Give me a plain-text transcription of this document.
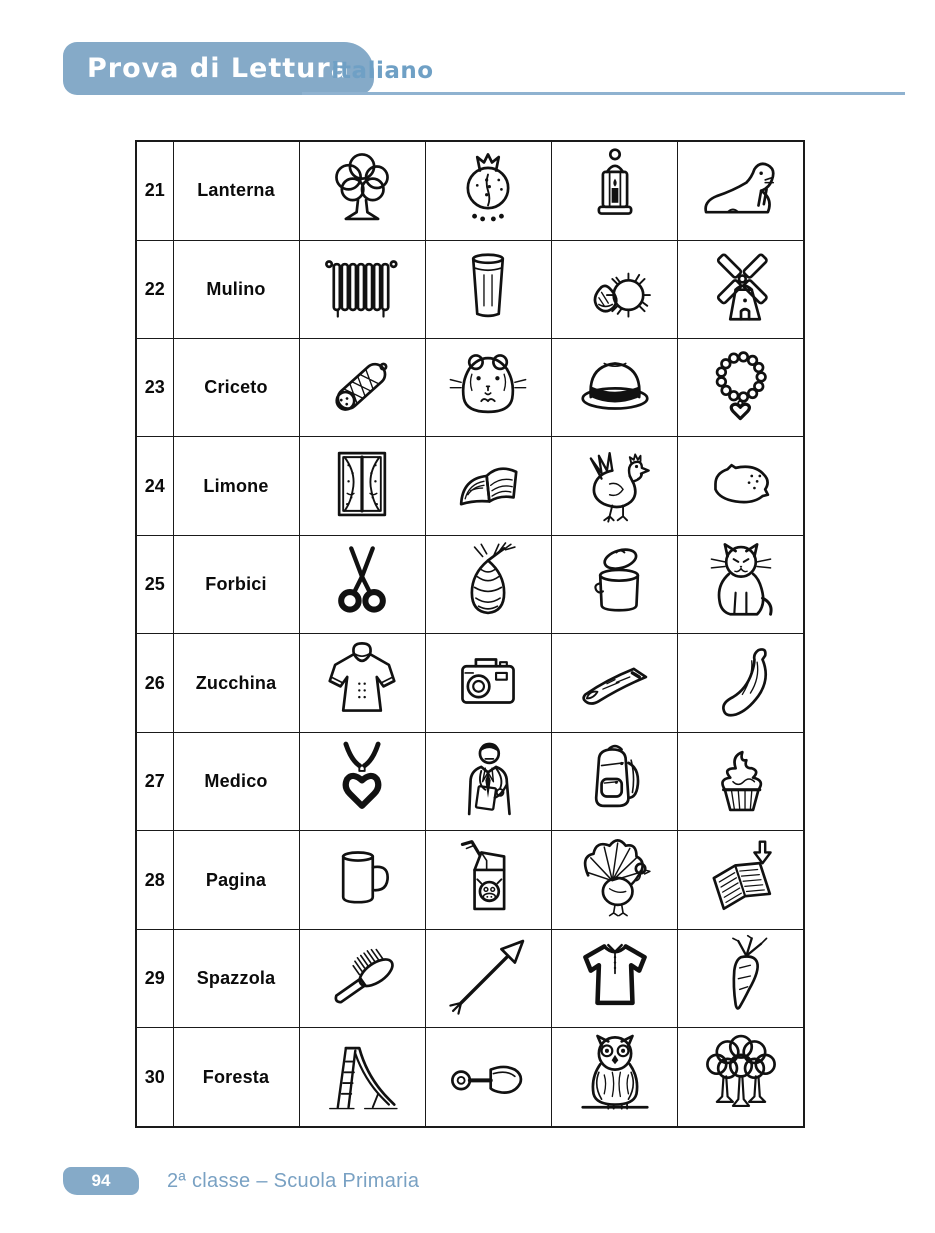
Prova di Lettura
Italiano
21	Lanterna	

22	Mulino	

23	Criceto	

24	Limone	

25	Forbici	

26	Zucchina	

27	Medico	

28	Pagina	

29	Spazzola	

30	Foresta	

94	2ª classe – Scuola Primaria
